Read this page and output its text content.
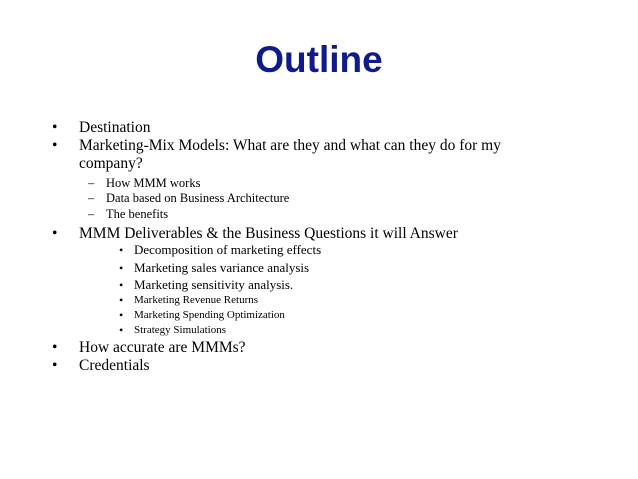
Outline
• Destination
• Marketing-Mix Models: What are they and what can they do for my company?
– How MMM works
– Data based on Business Architecture
– The benefits
• MMM Deliverables & the Business Questions it will Answer
• Decomposition of marketing effects
• Marketing sales variance analysis
• Marketing sensitivity analysis.
• Marketing Revenue Returns
• Marketing Spending Optimization
• Strategy Simulations
• How accurate are MMMs?
• Credentials
